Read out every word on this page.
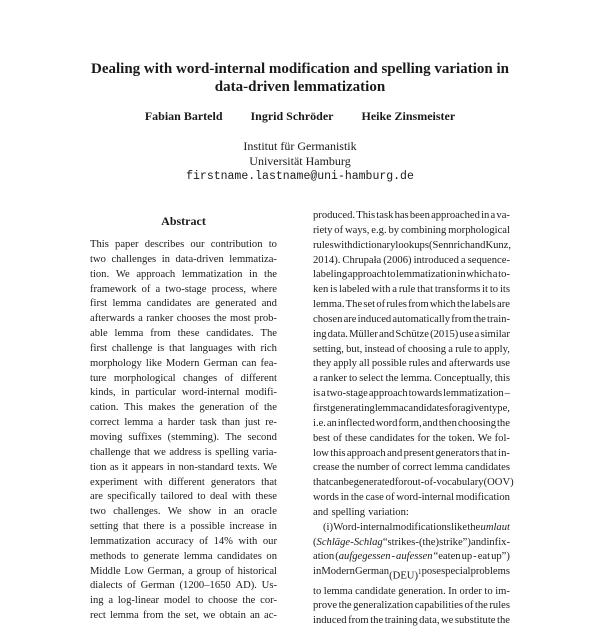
Dealing with word-internal modification and spelling variation in
data-driven lemmatization
Fabian Barteld Ingrid Schröder Heike Zinsmeister
Institut für Germanistik
Universität Hamburg
firstname.lastname@uni-hamburg.de
Abstract
This paper describes our contribution to
two challenges in data-driven lemmatiza-
tion. We approach lemmatization in the
framework of a two-stage process, where
first lemma candidates are generated and
afterwards a ranker chooses the most prob-
able lemma from these candidates. The
first challenge is that languages with rich
morphology like Modern German can fea-
ture morphological changes of different
kinds, in particular word-internal modifi-
cation. This makes the generation of the
correct lemma a harder task than just re-
moving suffixes (stemming). The second
challenge that we address is spelling varia-
tion as it appears in non-standard texts. We
experiment with different generators that
are specifically tailored to deal with these
two challenges. We show in an oracle
setting that there is a possible increase in
lemmatization accuracy of 14% with our
methods to generate lemma candidates on
Middle Low German, a group of historical
dialects of German (1200–1650 AD). Us-
ing a log-linear model to choose the cor-
rect lemma from the set, we obtain an ac-
produced. This task has been approached in a va-
riety of ways, e.g. by combining morphological
rules with dictionary lookups (Sennrich and Kunz,
2014). Chrupała (2006) introduced a sequence-
labeling approach to lemmatization in which a to-
ken is labeled with a rule that transforms it to its
lemma. The set of rules from which the labels are
chosen are induced automatically from the train-
ing data. Müller and Schütze (2015) use a similar
setting, but, instead of choosing a rule to apply,
they apply all possible rules and afterwards use
a ranker to select the lemma. Conceptually, this
is a two-stage approach towards lemmatization –
first generating lemma candidates for a given type,
i.e. an inflected word form, and then choosing the
best of these candidates for the token. We fol-
low this approach and present generators that in-
crease the number of correct lemma candidates
that can be generated for out-of-vocabulary (OOV)
words in the case of word-internal modification
and spelling variation:
(i) Word-internal modifications like the umlaut
(Schläge - Schlag “strikes - (the) strike”) and infix-
ation (aufgegessen - aufessen “eaten up - eat up”)
in Modern German (DEU)$^1$ pose special problems
to lemma candidate generation. In order to im-
prove the generalization capabilities of the rules
induced from the training data, we substitute the
